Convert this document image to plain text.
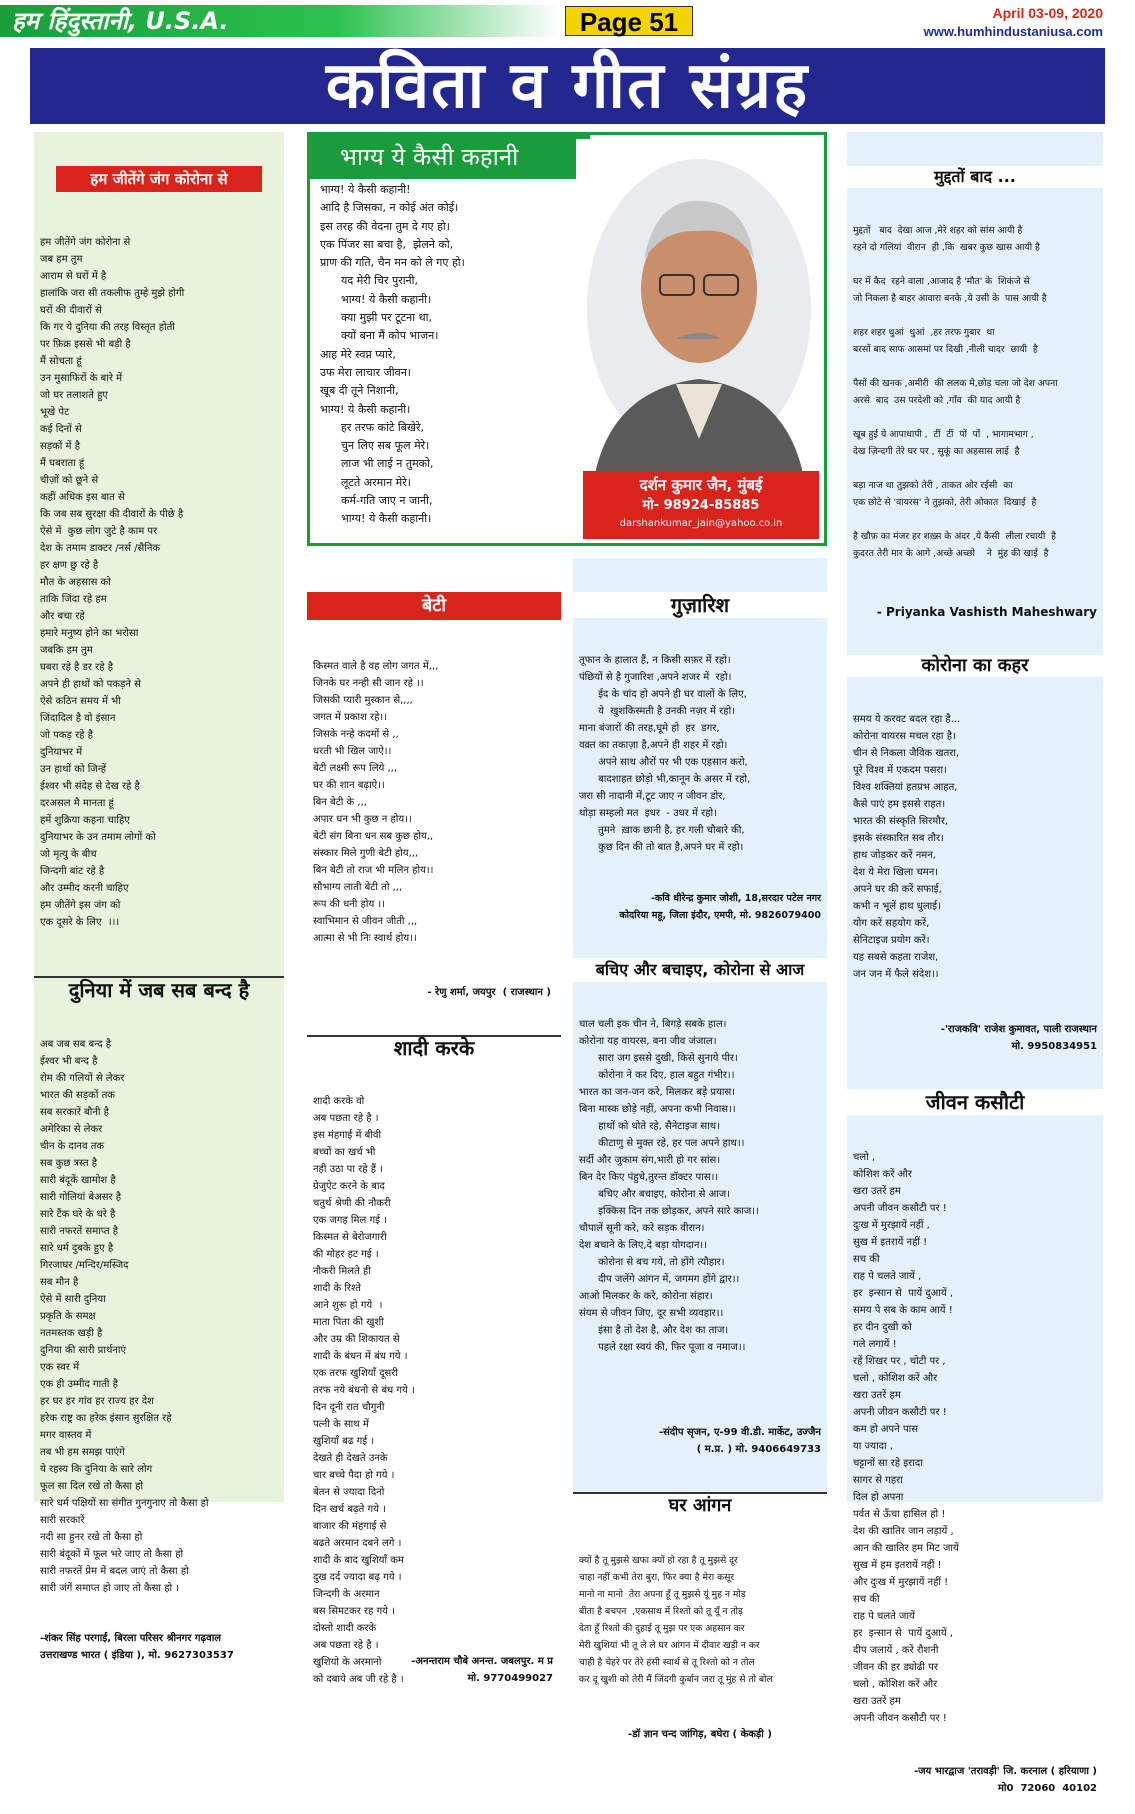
हम हिंदुस्तानी, U.S.A.	Page 51	April 03-09, 2020
www.humhindustaniusa.com
कविता व गीत संग्रह

हम जीतेंगे जंग कोरोना से

हम जीतेंगे जंग कोरोना से
जब हम तुम
आराम से घरों में है
हालांकि जरा सी तकलीफ तुम्हे मुझे होगी
घरों की दीवारों से
कि गर ये दुनिया की तरह विस्तृत होती
पर फ़िक्र इससे भी बड़ी है
मैं सोचता हूं
उन मुसाफिरों के बारे में
जो घर तलाशते हुए
भूखे पेट
कई दिनों से
सड़कों में है
मैं घबराता हूं
चीज़ों को छूने से
कहीं अधिक इस बात से
कि जब सब सुरक्षा की दीवारों के पीछे है
ऐसे में  कुछ लोग जुटे है काम पर
देश के तमाम डाक्टर /नर्स /सैनिक
हर क्षण छु रहे है
मौत के अहसास को
ताकि जिंदा रहे हम
और बचा रहे
हमारे मनुष्य होने का भरोसा
जबकि हम तुम
घबरा रहे है डर रहे है
अपने ही हाथों को पकड़ने से
ऐसे कठिन समय में भी
जिंदादिल है वो इंसान
जो पकड़ रहे है
दुनियाभर में
उन हाथों को जिन्हें
ईश्वर भी संदेह से देख रहे है
दरअसल मै मानता हूं
हमें शुक्रिया कहना चाहिए
दुनियाभर के उन तमाम लोगों को
जो मृत्यु के बीच
जिन्दगी बांट रहे है
और उम्मीद करनी चाहिए
हम जीतेंगे इस जंग को
एक दूसरे के लिए  ।।।

दुनिया में जब सब बन्द है

अब जब सब बन्द है
ईश्वर भी बन्द है
रोम की गलियों से लेकर
भारत की सड़कों तक
सब सरकारें बौनी है
अमेरिका से लेकर
चीन के दानव तक
सब कुछ त्रस्त है
सारी बंदूकें खामोश है
सारी गोलियां बेअसर है
सारे टैंक घरे के धरे है
सारी नफरतें समाप्त है
सारे धर्म दुबके हुए है
गिरजाघर /मन्दिर/मस्जिद
सब मौन है
ऐसे में सारी दुनिया
प्रकृति के समक्ष
नतमस्तक खड़ी है
दुनिया की सारी प्रार्थनाएं
एक स्वर में
एक ही उम्मीद गाती है
हर घर हर गांव हर राज्य हर देश
हरेक राष्ट्र का हरेक इंसान सुरक्षित रहे
मगर वास्तव में
तब भी हम समझ पाएंगे
ये रहस्य कि दुनिया के सारे लोग
फूल सा दिल रखे तो कैसा हो
सारे धर्म पक्षियों सा संगीत गुनगुनाए तो कैसा हो
सारी सरकारें
नदी सा हुनर रखे तो कैसा हो
सारी बंदूकों में फूल भरे जाए तो कैसा हो
सारी नफरतें प्रेम में बदल जाएं तो कैसा हो
सारी जंगें समाप्त हो जाए तो कैसा हो ।

-शंकर सिंह परगाईं, बिरला परिसर श्रीनगर गढ़वाल
उत्तराखण्ड भारत ( इंडिया ), मो. 9627303537

भाग्य ये कैसी कहानी
भाग्य! ये कैसी कहानी!
आदि है जिसका, न कोई अंत कोई।
इस तरह की वेदना तुम दे गए हो।
एक पिंजर सा बचा है,  झेलने को,
प्राण की गति, चैन मन को ले गए हो।
यद मेरी चिर पुरानी,
भाग्य! ये कैसी कहानी।
क्या मुझी पर टूटना था,
क्यों बना मैं कोप भाजन।
आह मेरे स्वप्न प्यारे,
उफ मेरा लाचार जीवन।
खूब दी तूने निशानी,
भाग्य! ये कैसी कहानी।
हर तरफ कांटे बिखेरे,
चुन लिए सब फूल मेरे।
लाज भी लाई न तुमको,
लूटते अरमान मेरे।
कर्म-गति जाए न जानी,
भाग्य! ये कैसी कहानी।
दर्शन कुमार जैन, मुंबई
मो- 98924-85885
darshankumar_jain@yahoo.co.in

बेटी

किस्मत वाले है वह लोग जगत में,,,
जिनके घर नन्ही सी जान रहे ।।
जिसकी प्यारी मुस्कान से,,,,
जगत में प्रकाश रहे।।
जिसके नन्हे कदमों से ,,
धरती भी खिल जाऐ।।
बेटी लक्ष्मी रूप लिये ,,,
घर की शान बढ़ाऐ।।
बिन बेटी के ,,,
अपार धन भी कुछ न होय।।
बेटी संग बिना धन सब कुछ होय,,
संस्कार मिले गुणी बेटी होय,,,
बिन बेटी तो राज भी मलिन होय।।
सौभाग्य लाती बेटी तो ,,,
रूप की धनी होय ।।
स्वाभिमान से जीवन जीती ,,,
आत्मा से भी निः स्वार्थ होय।।

- रेणु शर्मा, जयपुर  ( राजस्थान )

शादी करके

शादी करके वो
अब पछता रहे है ।
इस मंहगाई में बीवी
बच्चों का खर्च भी
नही उठा पा रहे हैं ।
ग्रेजुऐट करने के बाद
चतुर्थ श्रेणी की नौकरी
एक जगह मिल गई ।
किस्मत से बेरोजगारी
की मोहर हट गई ।
नौकरी मिलते ही
शादी के रिश्ते
आने शुरू हो गये  ।
माता पिता की खुशी
और उम्र की शिकायत से
शादी के बंधन में बंध गये ।
एक तरफ खुशियाँ दूसरी
तरफ नये बंधनो से बंध गये ।
दिन दूनी रात चौगुनी
पत्नी के साथ में
खुशियाँ बढ गई ।
देखते ही देखते उनके
चार बच्चे पैदा हो गये ।
बेतन से ज्यादा दिनो
दिन खर्च बढ़ते गये ।
बाजार की मंहगाई से
बढते अरमान दबने लगे ।
शादी के बाद खुशियाँ कम
दुख दर्द ज्यादा बढ़ गये ।
जिन्दगी के अरमान
बस सिमटकर रह गये ।
दोस्तो शादी करके
अब पछता रहे है ।
खुशियो के अरमानो
को दबाये अब जी रहे है ।

-अनन्तराम चौबे अनन्त. जबलपुर. म प्र
मो. 9770499027

गुज़ारिश

तूफान के हालात हैं, न किसी सफ़र में रहो।
पंछियों से है गुजारिश ,अपने शजर में  रहो।
ईद के चांद हो अपने ही घर वालों के लिए,
ये  खुशकिस्मती है उनकी नज़र में रहो।
माना बंजारों की तरह,घूमे हो  हर  डगर,
वक़्त का तकाज़ा है,अपने ही शहर में रहो।
अपने साथ औरों पर भी एक एहसान करो,
बादशाहत छोड़ो भी,कानून के असर में रहो,
जरा सी नादानी में,टूट जाए न जीवन डोर,
थोड़ा सम्हलो मत  इधर  - उधर में रहो।
तुमने  ख़ाक छानी है, हर गली चौबारे की,
कुछ दिन की तो बात है,अपने घर में रहो।

-कवि धीरेन्द्र कुमार जोशी, 18,सरदार पटेल नगर
कोदरिया महू, जिला इंदौर, एमपी, मो. 9826079400

बचिए और बचाइए, कोरोना से आज

चाल चली इक चीन ने, बिगड़े सबके हाल।
कोरोना यह वायरस, बना जीव जंजाल।
सारा जग इससे दुखी, किसे सुनाये पीर।
कोरोना ने कर दिए, हाल बहुत गंभीर।।
भारत का जन-जन करे, मिलकर बड़े प्रयास।
बिना मास्क छोड़े नहीं, अपना कभी निवास।।
हाथों को धोते रहे, सैनेटाइज साथ।
कीटाणु से मुक्त रहे, हर पल अपने हाथ।।
सर्दी और जुकाम संग,भारी हो गर सांस।
बिन देर किए पंहुचे,तुरन्त डॉक्टर पास।।
बचिए और बचाइए, कोरोना से आज।
इक्किस दिन तक छोड़कर, अपने सारे काज।।
चौपालें सूनी करे, करे सड़क वीरान।
देश बचाने के लिए,दे बड़ा योगदान।।
कोरोना से बच गये, तो होंगे त्यौहार।
दीप जलेंगे आंगन में, जगमग होंगे द्वार।।
आओ मिलकर के करे, कोरोना संहार।
संयम से जीवन जिए, दूर सभी व्यवहार।।
इंसा है तो देश है, और देश का ताज।
पहले रक्षा स्वयं की, फिर पूजा व नमाज।।

-संदीप सृजन, ए-99 वी.डी. मार्केट, उज्जैन
( म.प्र. ) मो. 9406649733

घर आंगन

क्यों है तू मुझसे खफा क्यों हो रहा है तू मुझसे दूर
चाहा नहीं कभी तेरा बुरा, फिर क्या है मेरा कसूर
मानो ना मानो  तेरा अपना हूँ तू मुझसे यूं मुह न मोड़
बीता है बचपन  ,एकसाथ में रिश्तो को तू यूँ न तोड़
देता हूँ रिश्तो की दुहाई तू मुझ पर एक अहसान कर
मेरी खुशियां भी तू ले ले घर आंगन में दीवार खड़ी न कर
चाही है चेहरे पर तेरे हंसी स्वार्थ से तू रिश्तो को न तोल
कर दू खुशी को तेरी मैं जिंदगी कुर्बान जरा तू मुंह से तो बोल

-डॉ ज्ञान चन्द जांगिड़, बघेरा ( केकड़ी )

मुद्दतों बाद ...

मुद्दतों   बाद  देखा आज ,मेरे शहर को सांस आयी है
रहने दो गलियां  वीरान  ही ,कि  खबर कुछ खास आयी है

घर में कैद  रहने वाला ,आजाद है 'मौत' के  शिकंजे से
जो निकला है बाहर आवारा बनके ,ये उसी के  पास आयी है

शहर शहर धुआं  धुआं  ,हर तरफ गुबार  था
बरसों बाद साफ आसमां पर दिखी ,नीली चादर  छायी  है

पैसों की खनक ,अमीरी  की ललक मे,छोड़ चला जो देश अपना
अरसे  बाद  उस परदेशी को ,गाँव  की याद आयी है

खूब हुई ये आपाधापी ,  टीं  टीं  पों  पों  , भागामभाग ,
देख ज़िन्दगी तेरे घर पर , सुकूं का अहसास लाई  है

बड़ा नाज था तुझको तेरी , ताकत ओर रईसी  का
एक छोटे से 'वायरस' ने तुझको, तेरी ओकात  दिखाई  है

है खौफ़ का मंजर हर शख़्स के अंदर ,ये कैसी  लीला रचायी  है
कुदरत तेरी मार के आगे ,अच्छे अच्छो    ने  मुंह की खाई  है

- Priyanka Vashisth Maheshwary

कोरोना का कहर

समय ये करवट बदल रहा है...
कोरोना वायरस मचल रहा है।
चीन से निकला जैविक खतरा,
पूरे विश्व में एकदम पसरा।
विश्व शक्तियां हतप्रभ आहत,
कैसे पाएं हम इससे राहत।
भारत की संस्कृति सिरमौर,
इसके संस्कारित सब तौर।
हाथ जोड़कर करें नमन,
देश ये मेरा खिला चमन।
अपने घर की करें सफाई,
कभी न भूलें हाथ धुलाई।
योग करें सहयोग करें,
सेनिटाइज प्रयोग करें।
यह सबसे कहता राजेश,
जन जन में फैले संदेश।।

-'राजकवि' राजेश कुमावत, पाली राजस्थान
मो. 9950834951

जीवन कसौटी

चलो ,
कोशिश करें और
खरा उतरें हम
अपनी जीवन कसौटी पर !
दुःख में मुरझायें नहीं ,
सुख में इतरायें नहीं !
सच की
राह पे चलते जायें ,
हर  इन्सान से  पायें दुआयें ,
समय पे सब के काम आयें !
हर दीन दुखी को
गले लगायें !
रहें शिखर पर , चोटी पर ,
चलो , कोशिश करें और
खरा उतरें हम
अपनी जीवन कसौटी पर !
कम हो अपने पास
या ज्यादा ,
चट्टानों सा रहे इरादा
सागर से गहरा
दिल हो अपना
पर्वत से ऊँचा हासिल हो !
देश की खातिर जान लड़ायें ,
आन की खातिर हम मिट जायें
सुख में हम इतरायें नहीं !
और दुःख में मुरझायें नहीं !
सच की
राह पे चलते जायें
हर  इन्सान से  पायें दुआयें ,
दीप जलायें , करें रौशनी
जीवन की हर ड्योढी पर
चलो , कोशिश करें और
खरा उतरें हम
अपनी जीवन कसौटी पर !

-जय भारद्वाज 'तरावड़ी' जि. करनाल ( हरियाणा )
मो0  72060  40102
